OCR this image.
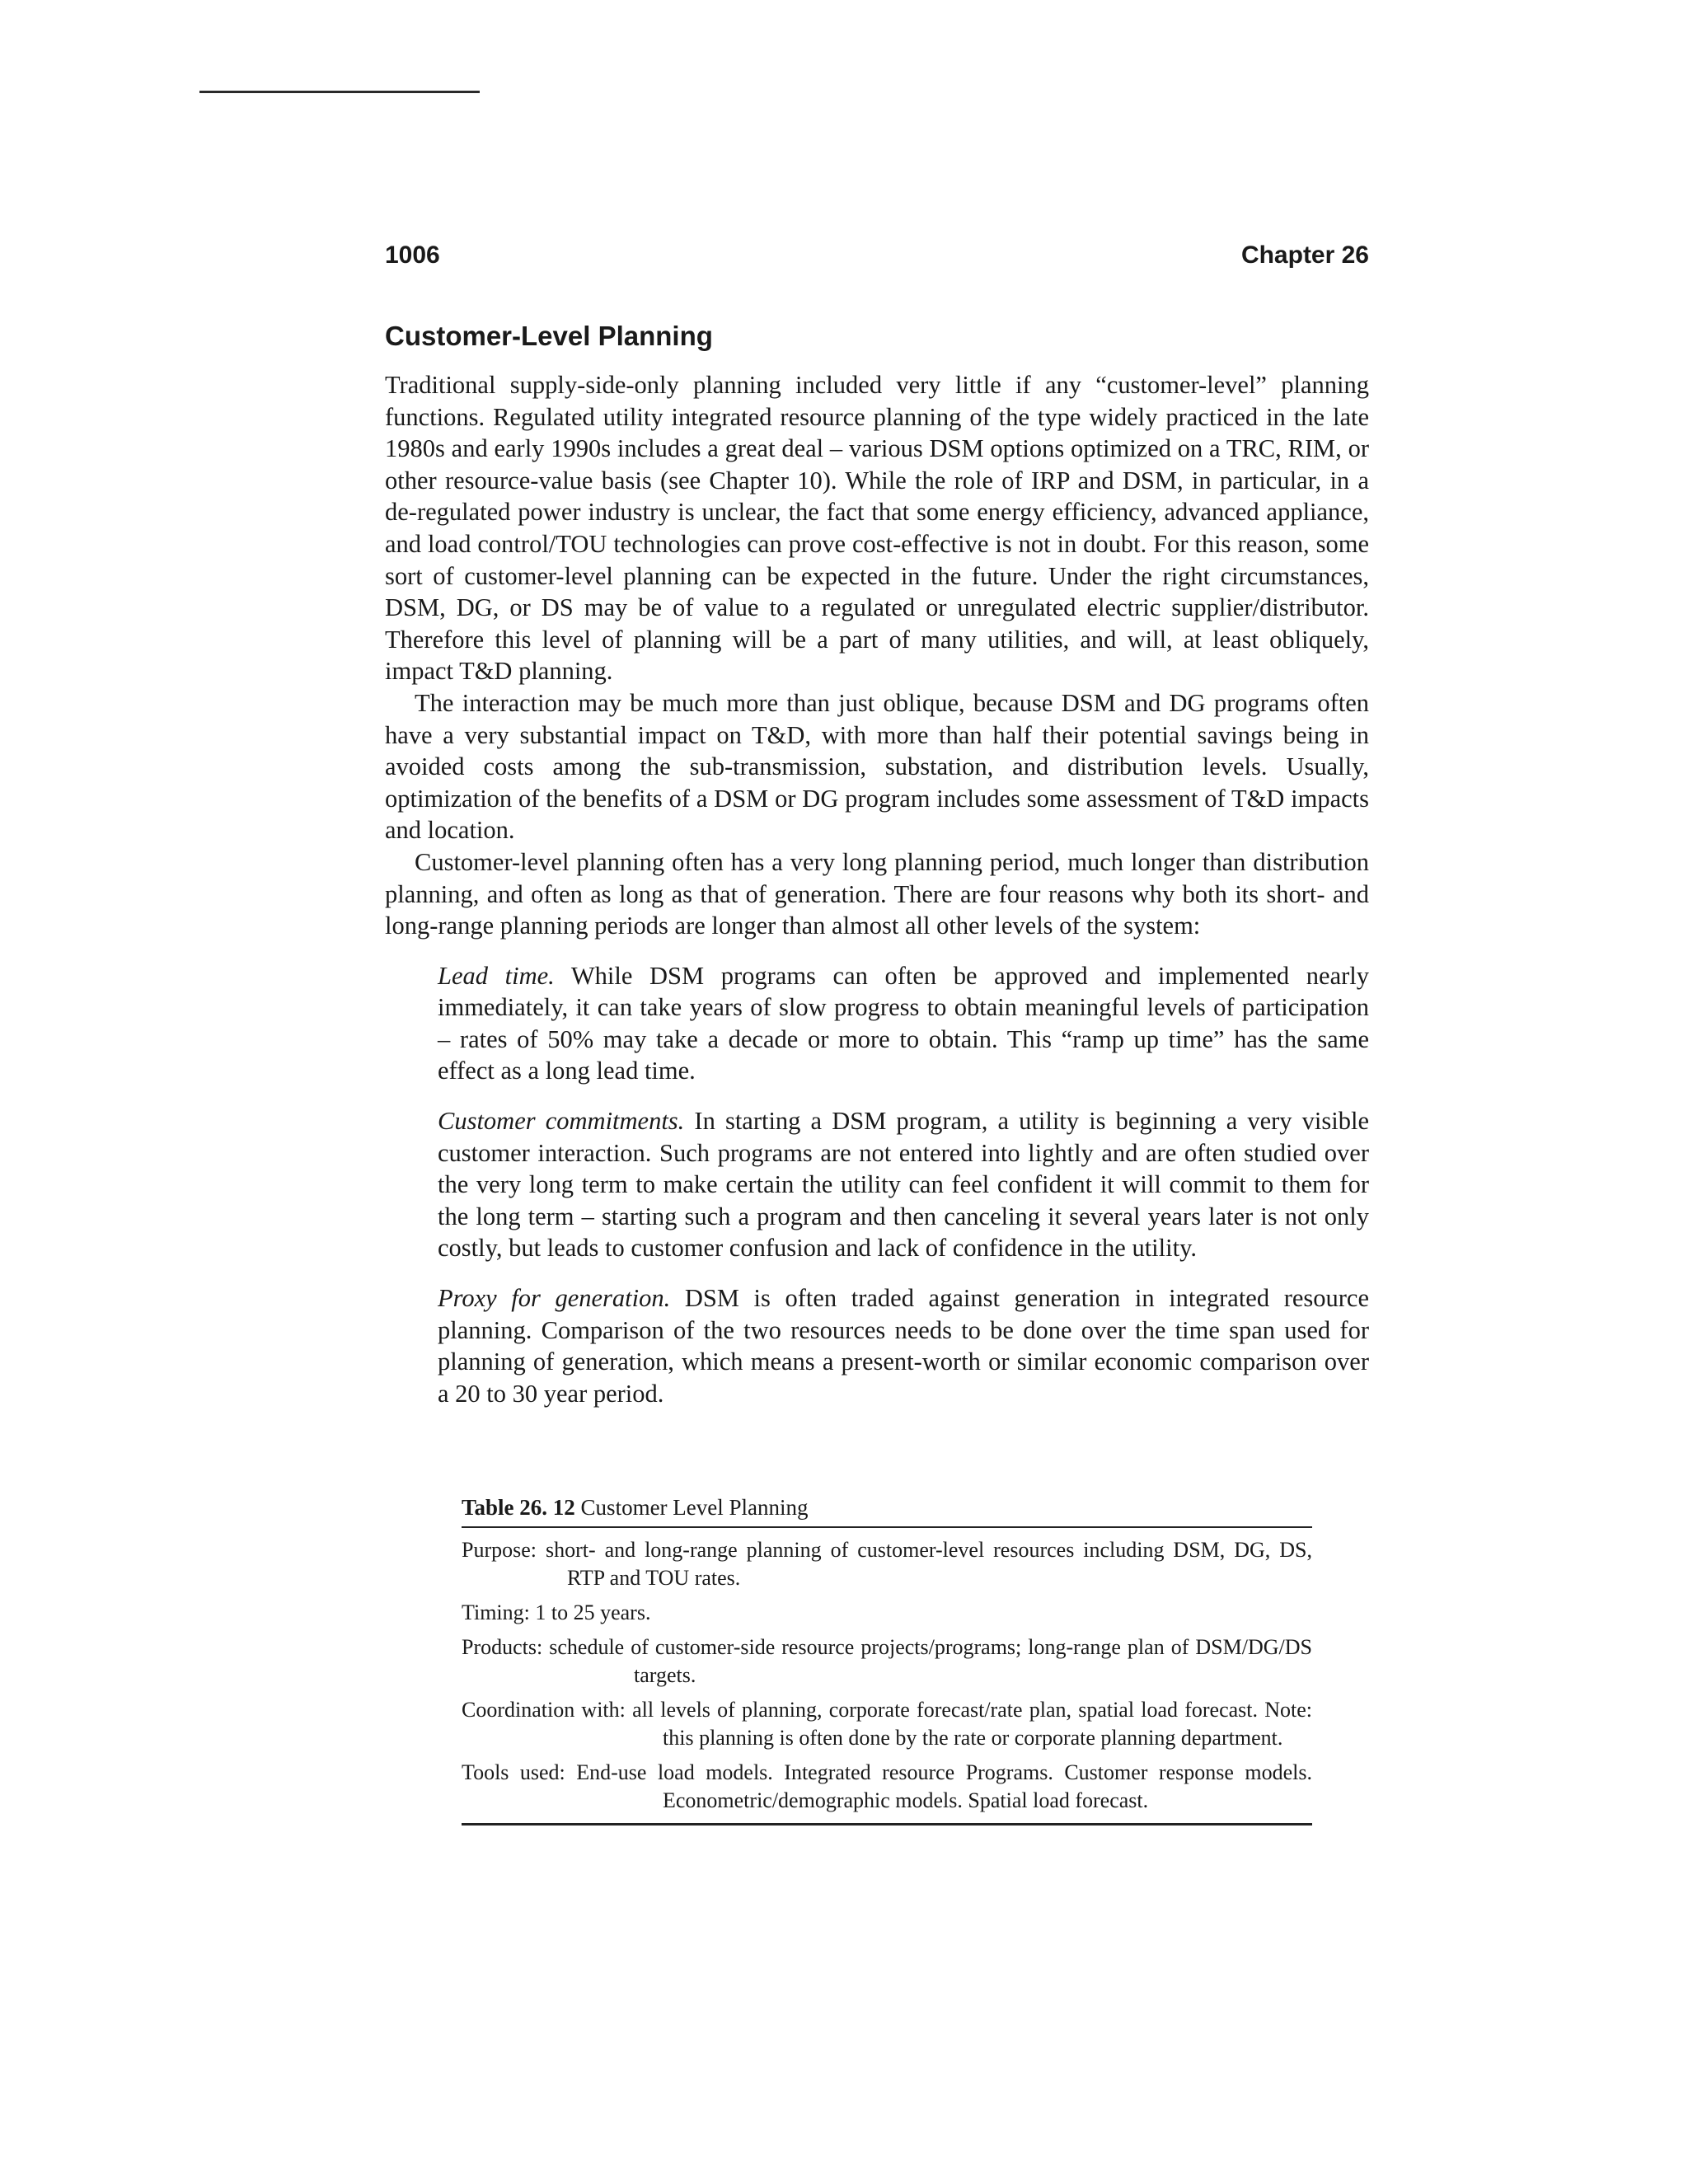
1006	Chapter 26
Customer-Level Planning

Traditional supply-side-only planning included very little if any “customer-level” planning functions. Regulated utility integrated resource planning of the type widely practiced in the late 1980s and early 1990s includes a great deal – various DSM options optimized on a TRC, RIM, or other resource-value basis (see Chapter 10). While the role of IRP and DSM, in particular, in a de-regulated power industry is unclear, the fact that some energy efficiency, advanced appliance, and load control/TOU technologies can prove cost-effective is not in doubt. For this reason, some sort of customer-level planning can be expected in the future. Under the right circumstances, DSM, DG, or DS may be of value to a regulated or unregulated electric supplier/distributor. Therefore this level of planning will be a part of many utilities, and will, at least obliquely, impact T&D planning.

The interaction may be much more than just oblique, because DSM and DG programs often have a very substantial impact on T&D, with more than half their potential savings being in avoided costs among the sub-transmission, substation, and distribution levels. Usually, optimization of the benefits of a DSM or DG program includes some assessment of T&D impacts and location.

Customer-level planning often has a very long planning period, much longer than distribution planning, and often as long as that of generation. There are four reasons why both its short- and long-range planning periods are longer than almost all other levels of the system:

Lead time. While DSM programs can often be approved and implemented nearly immediately, it can take years of slow progress to obtain meaningful levels of participation – rates of 50% may take a decade or more to obtain. This “ramp up time” has the same effect as a long lead time.

Customer commitments. In starting a DSM program, a utility is beginning a very visible customer interaction. Such programs are not entered into lightly and are often studied over the very long term to make certain the utility can feel confident it will commit to them for the long term – starting such a program and then canceling it several years later is not only costly, but leads to customer confusion and lack of confidence in the utility.

Proxy for generation. DSM is often traded against generation in integrated resource planning. Comparison of the two resources needs to be done over the time span used for planning of generation, which means a present-worth or similar economic comparison over a 20 to 30 year period.

Table 26. 12 Customer Level Planning
Purpose: short- and long-range planning of customer-level resources including DSM, DG, DS, RTP and TOU rates.
Timing: 1 to 25 years.
Products: schedule of customer-side resource projects/programs; long-range plan of DSM/DG/DS targets.
Coordination with: all levels of planning, corporate forecast/rate plan, spatial load forecast. Note: this planning is often done by the rate or corporate planning department.
Tools used: End-use load models. Integrated resource Programs. Customer response models. Econometric/demographic models. Spatial load forecast.
